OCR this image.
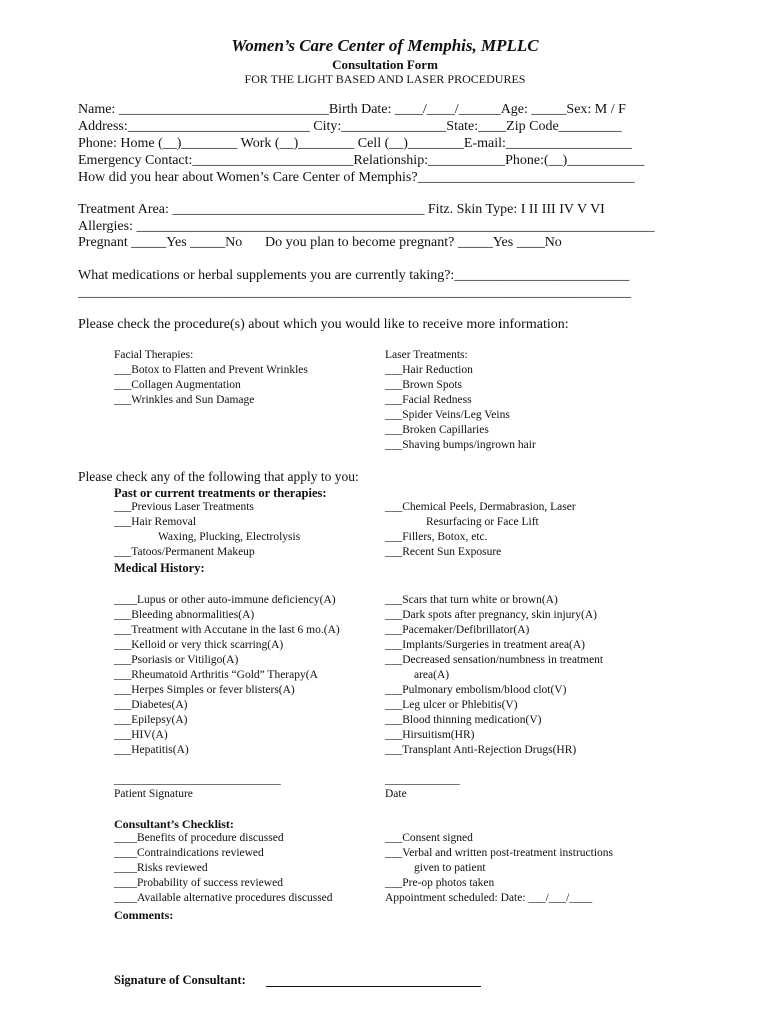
Women’s Care Center of Memphis, MPLLC
Consultation Form
FOR THE LIGHT BASED AND LASER PROCEDURES
Name: ______________________________Birth Date: ____/____/______Age: _____Sex: M / F
Address:__________________________ City:_______________State:____Zip Code_________
Phone: Home (__)________ Work (__)________ Cell (__)________E-mail:__________________
Emergency Contact:_______________________Relationship:___________Phone:(__)___________
How did you hear about Women’s Care Center of Memphis?_______________________________
Treatment Area: ____________________________________ Fitz. Skin Type: I II III IV V VI
Allergies: __________________________________________________________________________
Pregnant _____Yes _____No Do you plan to become pregnant? _____Yes ____No
What medications or herbal supplements you are currently taking?:_________________________
_______________________________________________________________________________
Please check the procedure(s) about which you would like to receive more information:
Facial Therapies:
___Botox to Flatten and Prevent Wrinkles
___Collagen Augmentation
___Wrinkles and Sun Damage
Laser Treatments:
___Hair Reduction
___Brown Spots
___Facial Redness
___Spider Veins/Leg Veins
___Broken Capillaries
___Shaving bumps/ingrown hair
Please check any of the following that apply to you:
Past or current treatments or therapies:
___Previous Laser Treatments
___Hair Removal
Waxing, Plucking, Electrolysis
___Tatoos/Permanent Makeup
___Chemical Peels, Dermabrasion, Laser
Resurfacing or Face Lift
___Fillers, Botox, etc.
___Recent Sun Exposure
Medical History:
____Lupus or other auto-immune deficiency(A)
___Bleeding abnormalities(A)
___Treatment with Accutane in the last 6 mo.(A)
___Kelloid or very thick scarring(A)
___Psoriasis or Vitiligo(A)
___Rheumatoid Arthritis “Gold” Therapy(A
___Herpes Simples or fever blisters(A)
___Diabetes(A)
___Epilepsy(A)
___HIV(A)
___Hepatitis(A)
___Scars that turn white or brown(A)
___Dark spots after pregnancy, skin injury(A)
___Pacemaker/Defibrillator(A)
___Implants/Surgeries in treatment area(A)
___Decreased sensation/numbness in treatment
area(A)
___Pulmonary embolism/blood clot(V)
___Leg ulcer or Phlebitis(V)
___Blood thinning medication(V)
___Hirsuitism(HR)
___Transplant Anti-Rejection Drugs(HR)
_____________________________
Patient Signature
_____________
Date
Consultant’s Checklist:
____Benefits of procedure discussed
____Contraindications reviewed
____Risks reviewed
____Probability of success reviewed
____Available alternative procedures discussed
___Consent signed
___Verbal and written post-treatment instructions
given to patient
___Pre-op photos taken
Appointment scheduled: Date: ___/___/____
Comments:
Signature of Consultant:
